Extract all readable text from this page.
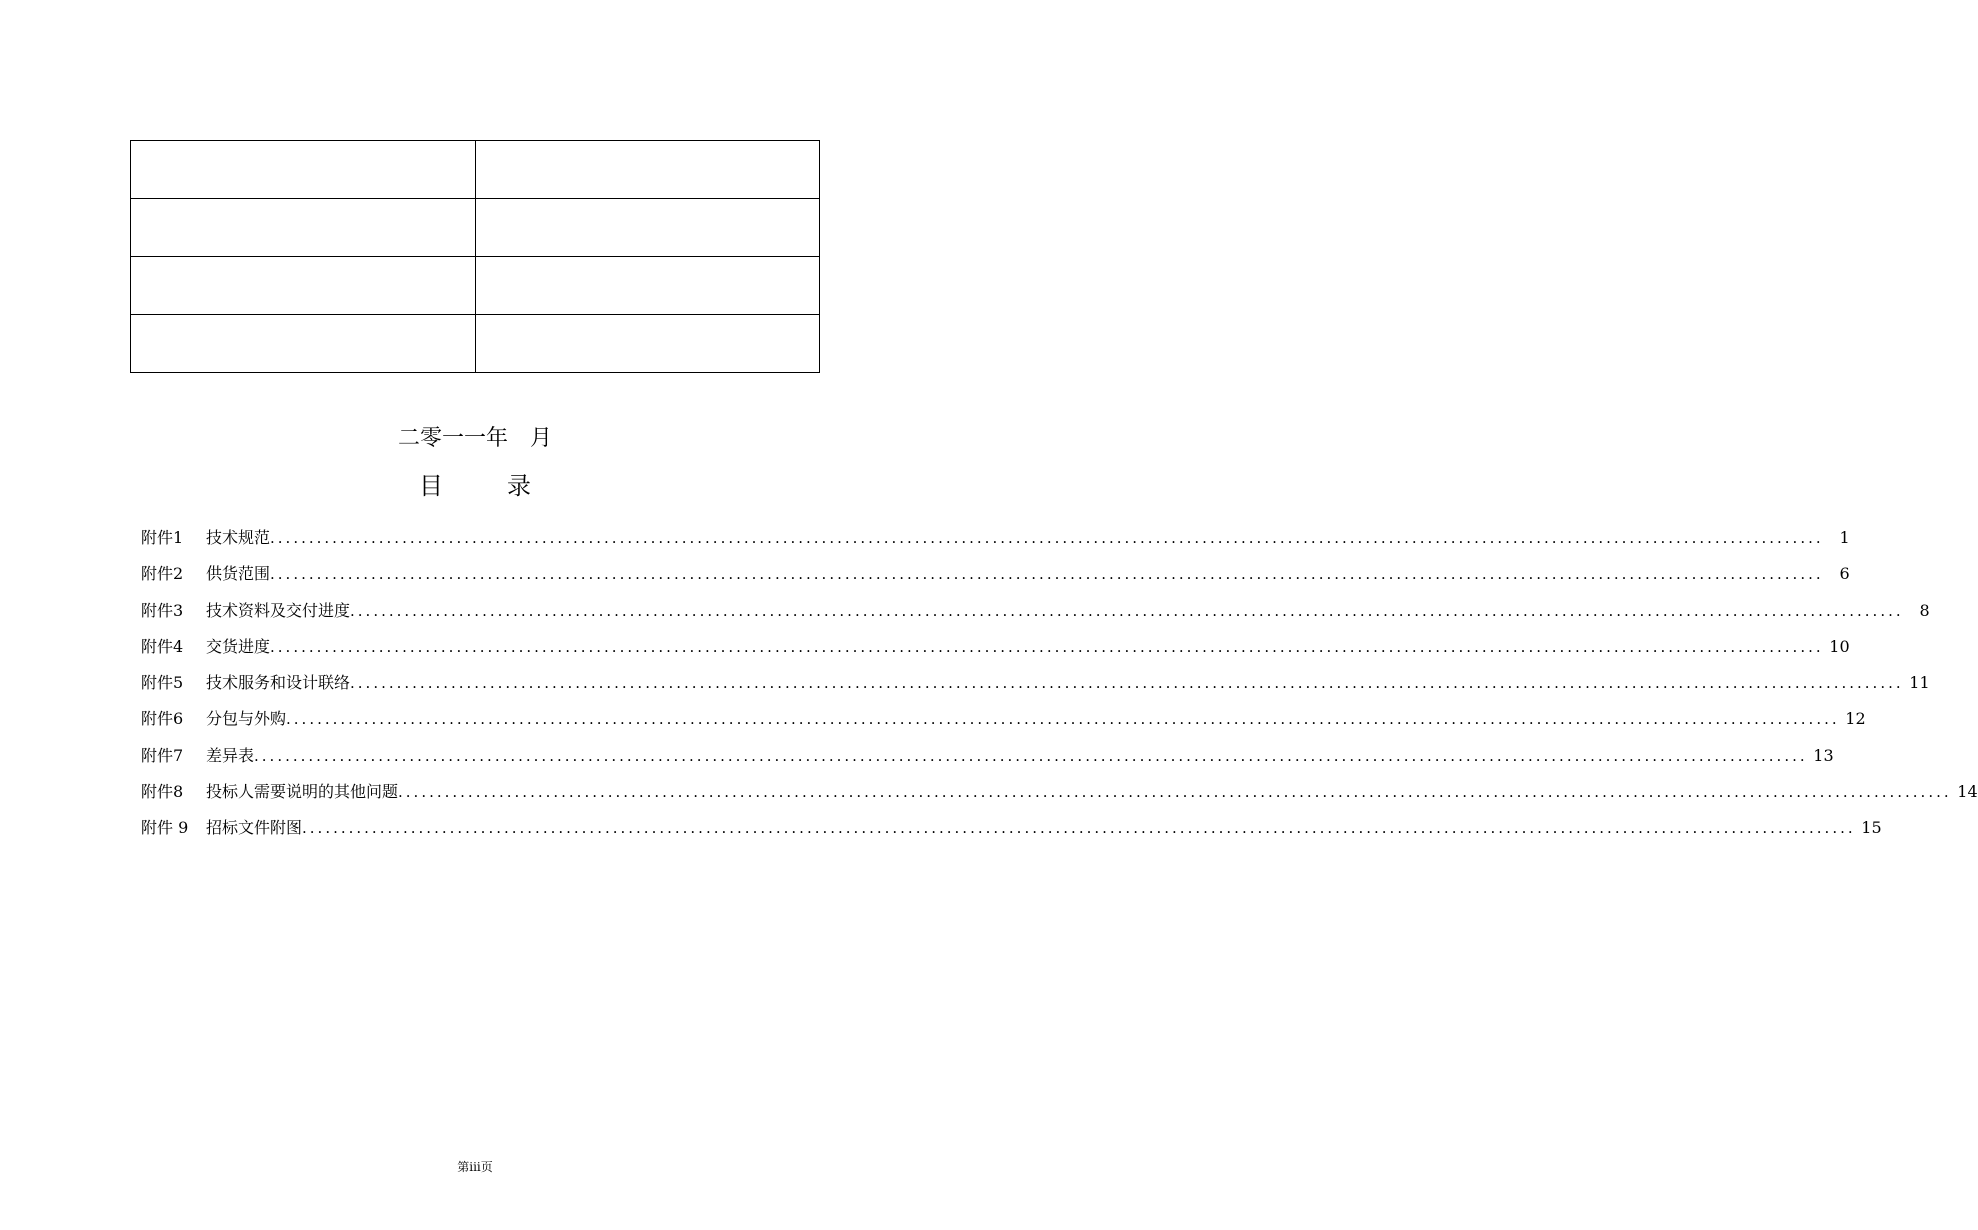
二零一一年　月
目	录
附件1	技术规范 ........................................................................................................................................................................................................ 1
附件2	供货范围 ........................................................................................................................................................................................................ 6
附件3	技术资料及交付进度 ........................................................................................................................................................................................................ 8
附件4	交货进度 ........................................................................................................................................................................................................ 10
附件5	技术服务和设计联络 ........................................................................................................................................................................................................ 11
附件6	分包与外购 ........................................................................................................................................................................................................ 12
附件7	差异表 ........................................................................................................................................................................................................ 13
附件8	投标人需要说明的其他问题 ........................................................................................................................................................................................................ 14
附件 9	招标文件附图 ........................................................................................................................................................................................................ 15
第iii页
